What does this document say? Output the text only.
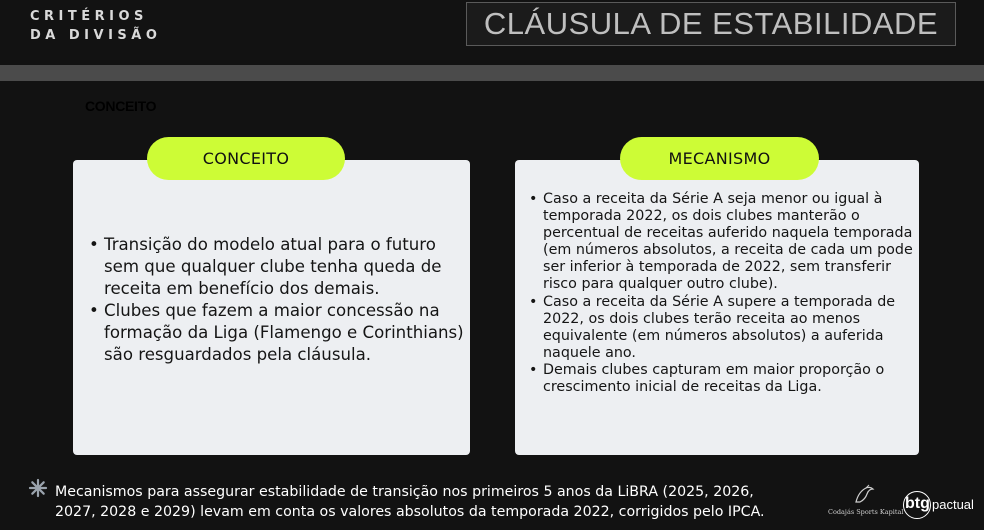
CRITÉRIOS
DA DIVISÃO	CLÁUSULA DE ESTABILIDADE
CONCEITO
• Transição do modelo atual para o futuro sem que qualquer clube tenha queda de receita em benefício dos demais.
• Clubes que fazem a maior concessão na formação da Liga (Flamengo e Corinthians) são resguardados pela cláusula.
CONCEITO
• Caso a receita da Série A seja menor ou igual à temporada 2022, os dois clubes manterão o percentual de receitas auferido naquela temporada (em números absolutos, a receita de cada um pode ser inferior à temporada de 2022, sem transferir risco para qualquer outro clube).
• Caso a receita da Série A supere a temporada de 2022, os dois clubes terão receita ao menos equivalente (em números absolutos) a auferida naquele ano.
• Demais clubes capturam em maior proporção o crescimento inicial de receitas da Liga.
MECANISMO
Mecanismos para assegurar estabilidade de transição nos primeiros 5 anos da LiBRA (2025, 2026, 2027, 2028 e 2029) levam em conta os valores absolutos da temporada 2022, corrigidos pelo IPCA.	Codajás Sports Kapital btg pactual
